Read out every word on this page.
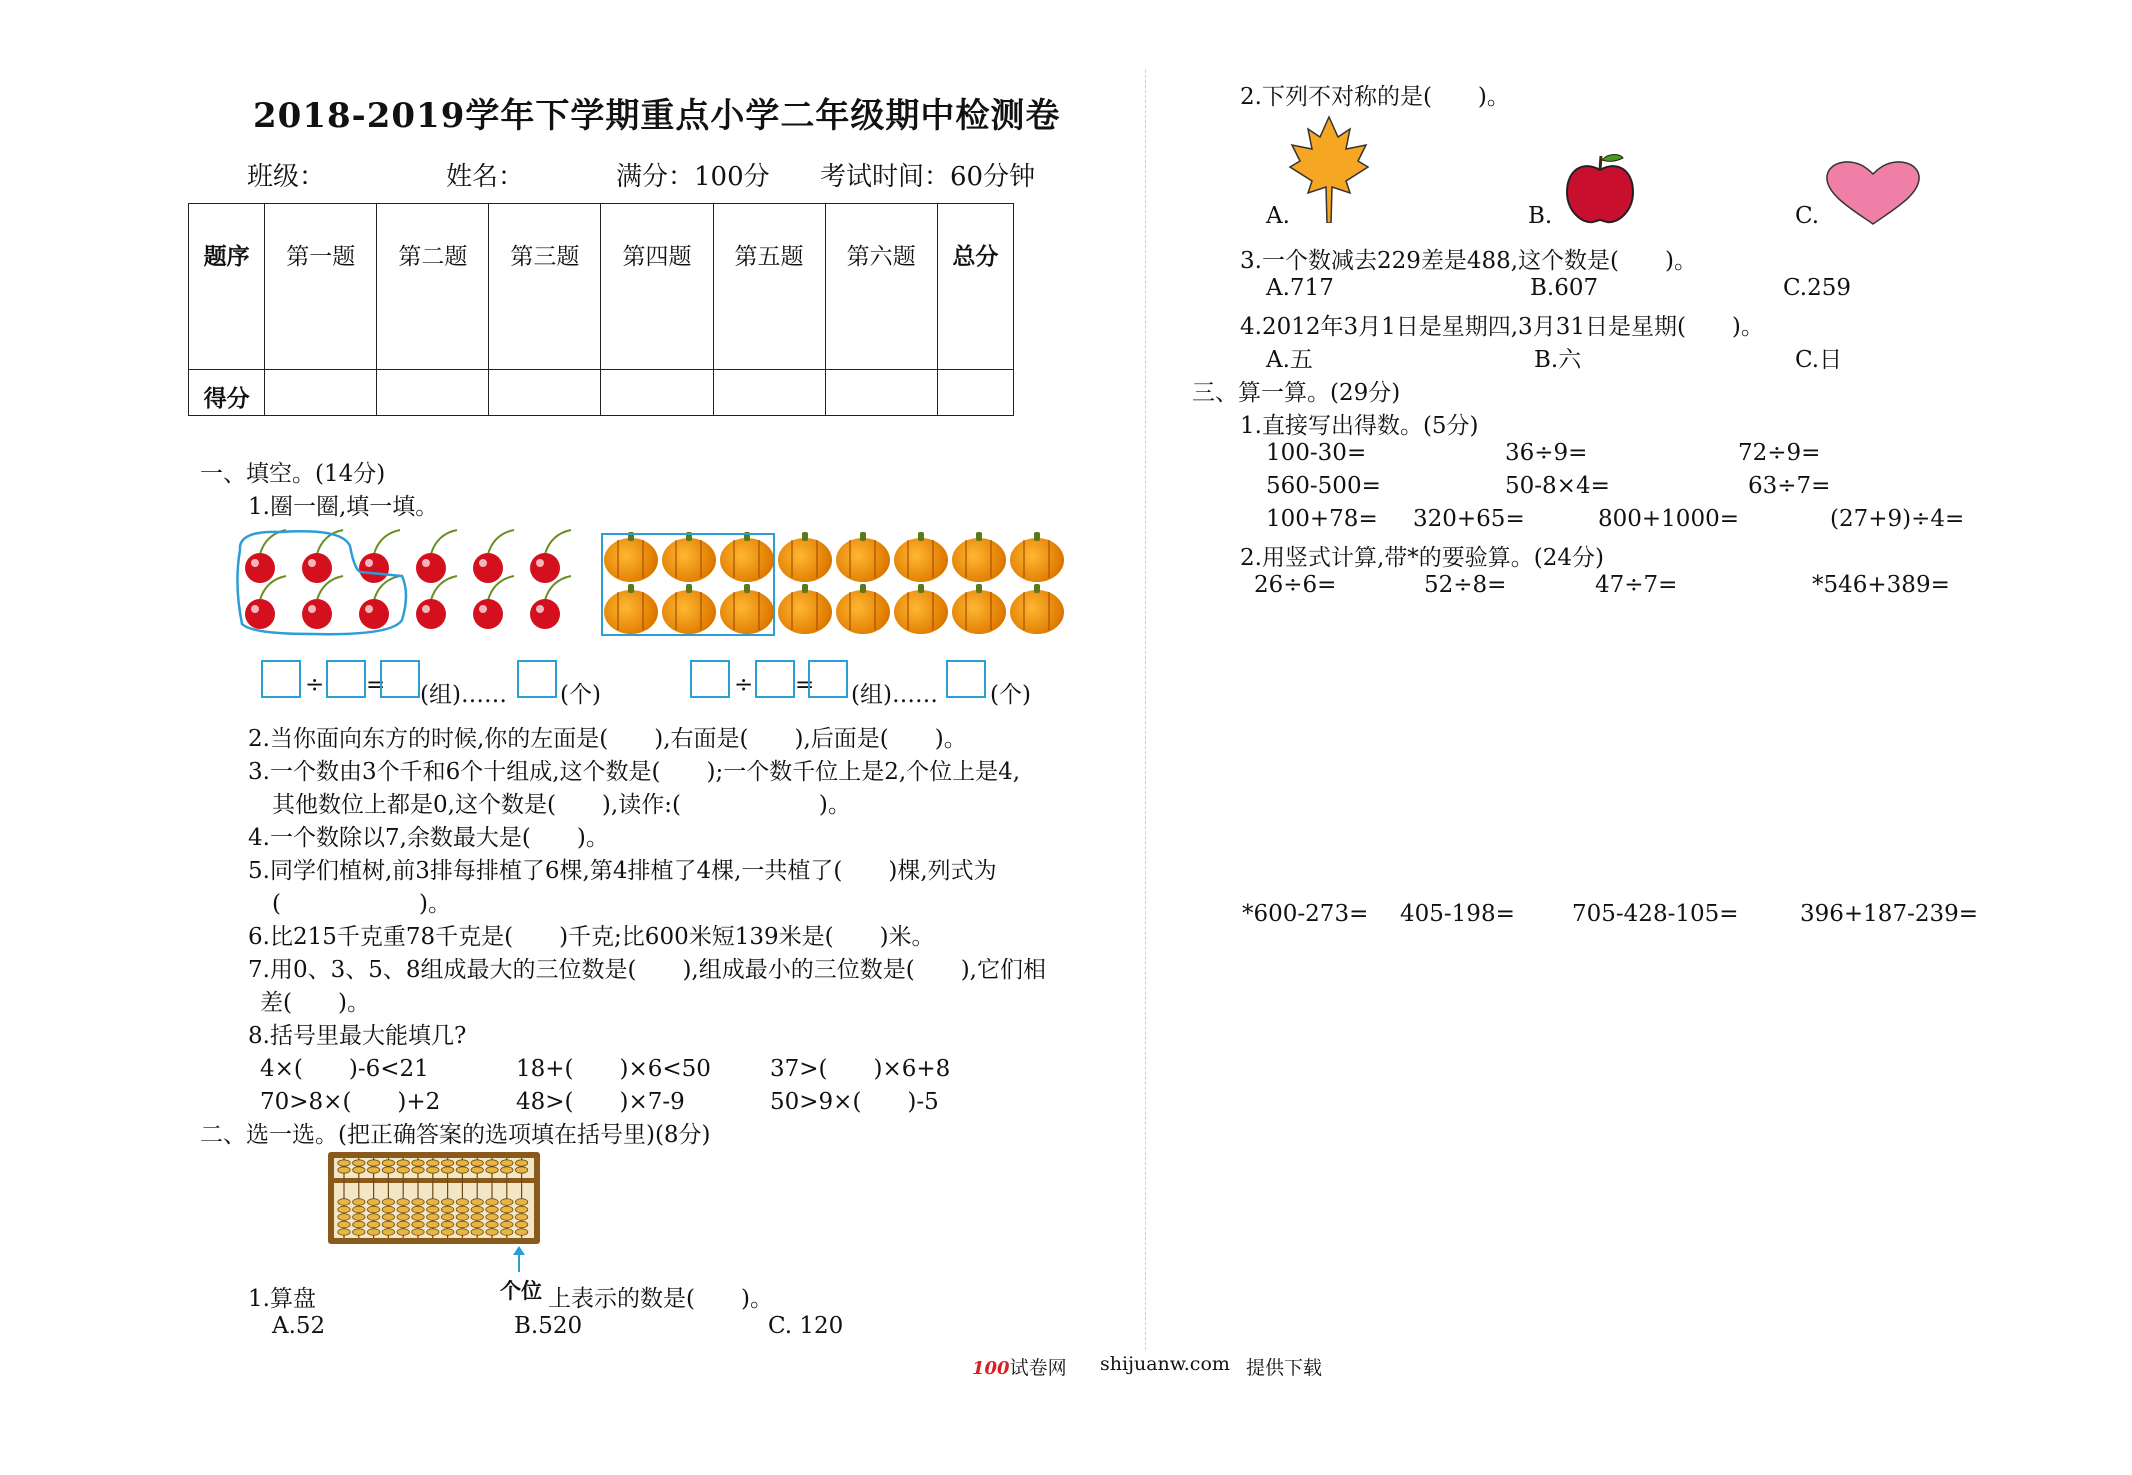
2018-2019学年下学期重点小学二年级期中检测卷
班级：	姓名：	满分：100分 考试时间：60分钟
题序	第一题	第二题	第三题	第四题	第五题	第六题	总分
得分							
一、填空。(14分)
1.圈一圈,填一填。
÷ = (组)…… (个)	÷ = (组)…… (个)
2.当你面向东方的时候,你的左面是(　　),右面是(　　),后面是(　　)。
3.一个数由3个千和6个十组成,这个数是(　　);一个数千位上是2,个位上是4,
其他数位上都是0,这个数是(　　),读作:(　　　　　　)。
4.一个数除以7,余数最大是(　　)。
5.同学们植树,前3排每排植了6棵,第4排植了4棵,一共植了(　　)棵,列式为
(　　　　　　)。
6.比215千克重78千克是(　　)千克;比600米短139米是(　　)米。
7.用0、3、5、8组成最大的三位数是(　　),组成最小的三位数是(　　),它们相
差(　　)。
8.括号里最大能填几?
4×(　　)-6<21	18+(　　)×6<50	37>(　　)×6+8
70>8×(　　)+2	48>(　　)×7-9	50>9×(　　)-5
二、选一选。(把正确答案的选项填在括号里)(8分)
个位
1.算盘	上表示的数是(　　)。
A.52	B.520	C. 120
2.下列不对称的是(　　)。
A.	B.	C.
3.一个数减去229差是488,这个数是(　　)。
A.717	B.607	C.259
4.2012年3月1日是星期四,3月31日是星期(　　)。
A.五	B.六	C.日
三、算一算。(29分)
1.直接写出得数。(5分)
100-30=	36÷9=	72÷9=
560-500=	50-8×4=	63÷7=
100+78= 320+65=	800+1000=	(27+9)÷4=
2.用竖式计算,带*的要验算。(24分)
26÷6=	52÷8=	47÷7=	*546+389=
*600-273= 405-198= 705-428-105=	396+187-239=
100试卷网 shijuanw.com 提供下载
